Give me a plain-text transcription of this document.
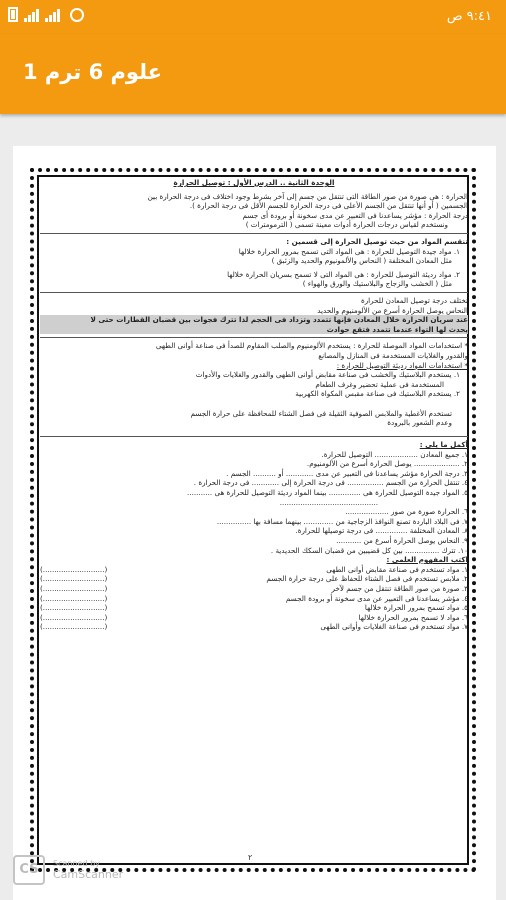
٩:٤١ ص
علوم 6 ترم 1

الوحدة الثانية .. الدرس الأول : توصيل الحرارة

الحرارة : هى صورة من صور الطاقة التى تنتقل من جسم إلى آخر بشرط وجود اختلاف فى درجة الحرارة بين

الجسمين ( أو أنها تنتقل من الجسم الأعلى فى درجة الحرارة للجسم الأقل فى درجة الحرارة ).

درجة الحرارة : مؤشر يساعدنا فى التعبير عن مدى سخونة أو برودة أى جسم

ونستخدم لقياس درجات الحرارة أدوات معينة تسمى ( الترمومترات )

تنقسم المواد من حيث توصيل الحرارة إلى قسمين :

١. مواد جيدة التوصيل للحرارة : هى المواد التى تسمح بمرور الحرارة خلالها

مثل المعادن المختلفة ( النحاس والألمونيوم والحديد والزئبق )

٢. مواد رديئة التوصيل للحرارة : هى المواد التى لا تسمح بسريان الحرارة خلالها

مثل ( الخشب والزجاج والبلاستيك والورق والهواء )

تختلف درجة توصيل المعادن للحرارة

النحاس يوصل الحرارة أسرع من الألومنيوم والحديد

عند سريان الحرارة خلال المعادن فإنها تتمدد وتزداد فى الحجم لذا تترك فجوات بين قضبان القطارات حتى لا

يحدث لها التواء عندما تتمدد فتقع حوادث

* استخدامات المواد الموصلة للحرارة : يستخدم الألومنيوم والصلب المقاوم للصدأ فى صناعة أوانى الطهى

والقدور والغلايات المستخدمة فى المنازل والمصانع

* استخدامات المواد رديئة التوصيل للحرارة :

١. يستخدم البلاستيك والخشب فى صناعة مقابض أوانى الطهى والقدور والغلايات والأدوات

المستخدمة فى عملية تحضير وغرف الطعام

٢. يستخدم البلاستيك فى صناعة مقبس المكواة الكهربية

تستخدم الأغطية والملابس الصوفية الثقيلة فى فصل الشتاء للمحافظة على حرارة الجسم

وعدم الشعور بالبرودة

أكمل ما يلى :

١. جميع المعادن ................... التوصيل للحرارة.

٢. .................... يوصل الحرارة أسرع من الألومنيوم.

٣. درجة الحرارة مؤشر يساعدنا فى التعبير عن مدى ............ أو .......... الجسم .

٤. تنتقل الحرارة من الجسم ................ فى درجة الحرارة إلى ............ فى درجة الحرارة .

٥. المواد جيدة التوصيل للحرارة هى .............. بينما المواد رديئة التوصيل للحرارة هى ...........

...........................................

٦. الحرارة صورة من صور ...................

٧. فى البلاد الباردة تصنع النوافذ الزجاجية من ............. بينهما مسافة بها ...............

٨. المعادن المختلفة .............. فى درجة توصيلها للحرارة.

٩. النحاس يوصل الحرارة أسرع من ...........

١٠. تترك ............... بين كل قضيبين من قضبان السكك الحديدية .

اكتب المفهوم العلمى :

١. مواد تستخدم فى صناعة مقابض أوانى الطهى

(...........................)

٢. ملابس تستخدم فى فصل الشتاء للحفاظ على درجة حرارة الجسم

(...........................)

٣. صورة من صور الطاقة تنتقل من جسم لآخر

(...........................)

٤. مؤشر يساعدنا فى التعبير عن مدى سخونة أو برودة الجسم

(...........................)

٥. مواد تسمح بمرور الحرارة خلالها

(...........................)

٦. مواد لا تسمح بمرور الحرارة خلالها

(...........................)

٧. مواد تستخدم فى صناعة الغلايات وأوانى الطهى

(...........................)
٢
CS	Scanned by
CamScanner
